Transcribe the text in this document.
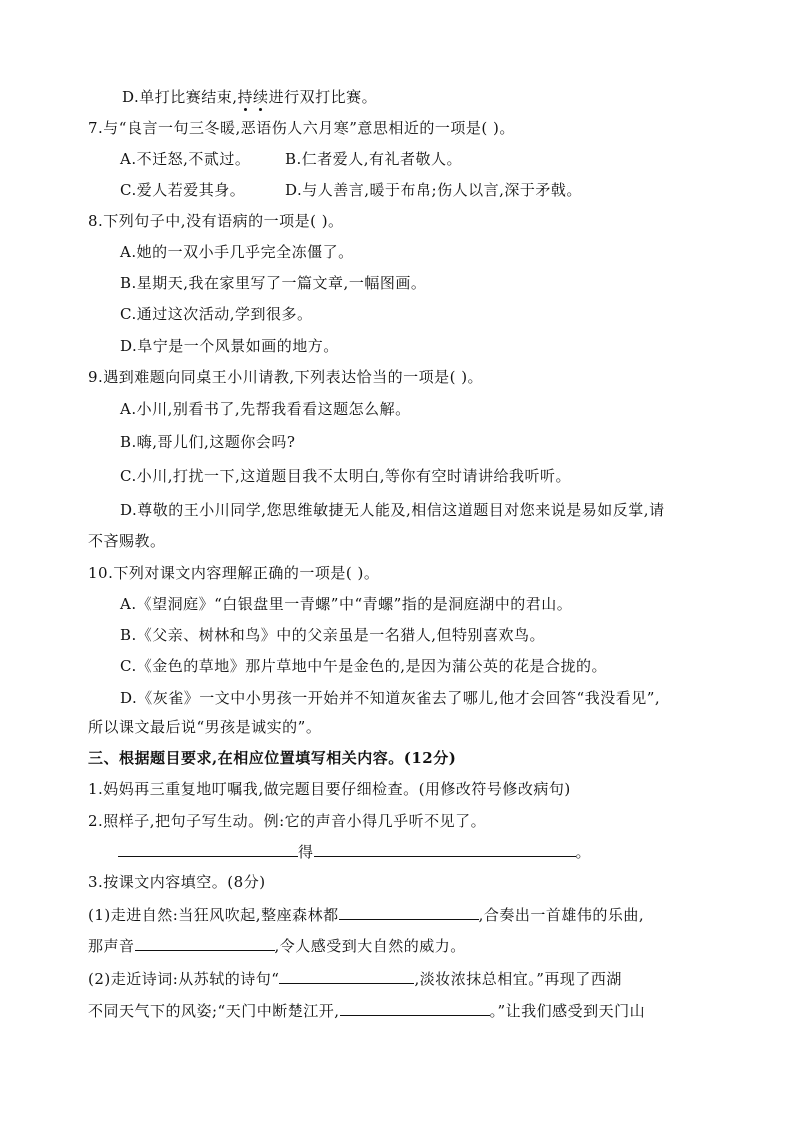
D.单打比赛结束,持续进行双打比赛。
7.与“良言一句三冬暖,恶语伤人六月寒”意思相近的一项是( )。
A.不迁怒,不贰过。 B.仁者爱人,有礼者敬人。
C.爱人若爱其身。	D.与人善言,暖于布帛;伤人以言,深于矛戟。
8.下列句子中,没有语病的一项是( )。
A.她的一双小手几乎完全冻僵了。
B.星期天,我在家里写了一篇文章,一幅图画。
C.通过这次活动,学到很多。
D.阜宁是一个风景如画的地方。
9.遇到难题向同桌王小川请教,下列表达恰当的一项是( )。
A.小川,别看书了,先帮我看看这题怎么解。
B.嗨,哥儿们,这题你会吗?
C.小川,打扰一下,这道题目我不太明白,等你有空时请讲给我听听。
D.尊敬的王小川同学,您思维敏捷无人能及,相信这道题目对您来说是易如反掌,请
不吝赐教。
10.下列对课文内容理解正确的一项是( )。
A.《望洞庭》“白银盘里一青螺”中“青螺”指的是洞庭湖中的君山。
B.《父亲、树林和鸟》中的父亲虽是一名猎人,但特别喜欢鸟。
C.《金色的草地》那片草地中午是金色的,是因为蒲公英的花是合拢的。
D.《灰雀》一文中小男孩一开始并不知道灰雀去了哪儿,他才会回答“我没看见”,
所以课文最后说“男孩是诚实的”。
三、根据题目要求,在相应位置填写相关内容。(12分)
1.妈妈再三重复地叮嘱我,做完题目要仔细检查。(用修改符号修改病句)
2.照样子,把句子写生动。例:它的声音小得几乎听不见了。
得	。
3.按课文内容填空。(8分)
(1)走进自然:当狂风吹起,整座森林都	,合奏出一首雄伟的乐曲,
那声音	,令人感受到大自然的威力。
(2)走近诗词:从苏轼的诗句“	,淡妆浓抹总相宜。”再现了西湖
不同天气下的风姿;“天门中断楚江开,	。”让我们感受到天门山
